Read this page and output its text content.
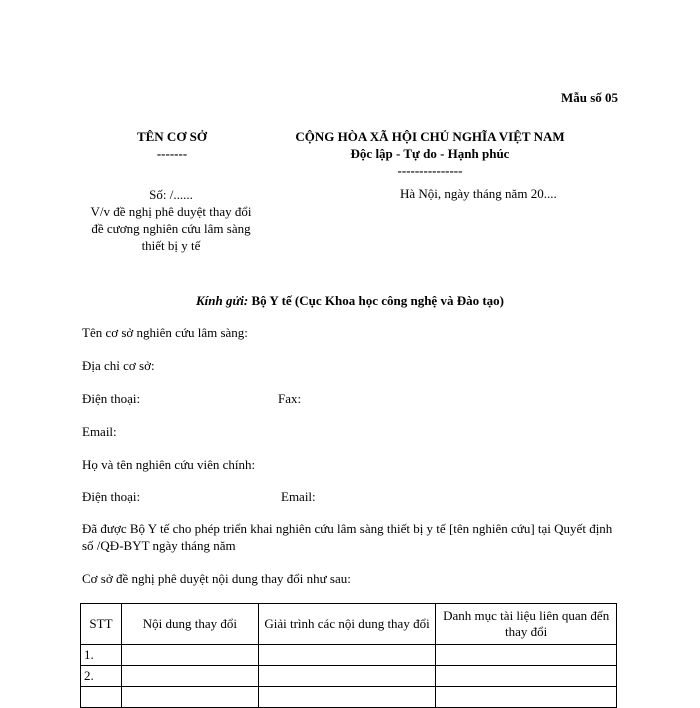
Mẫu số 05
TÊN CƠ SỞ
-------
CỘNG HÒA XÃ HỘI CHỦ NGHĨA VIỆT NAM
Độc lập - Tự do - Hạnh phúc
---------------
Số: /......
V/v đề nghị phê duyệt thay đổi
đề cương nghiên cứu lâm sàng
thiết bị y tế
Hà Nội, ngày tháng năm 20....
Kính gửi: Bộ Y tế (Cục Khoa học công nghệ và Đào tạo)
Tên cơ sở nghiên cứu lâm sàng:
Địa chỉ cơ sở:
Điện thoại:	Fax:
Email:
Họ và tên nghiên cứu viên chính:
Điện thoại:	Email:
Đã được Bộ Y tế cho phép triển khai nghiên cứu lâm sàng thiết bị y tế [tên nghiên cứu] tại Quyết định số /QĐ-BYT ngày tháng năm
Cơ sở đề nghị phê duyệt nội dung thay đổi như sau:
STT	Nội dung thay đổi	Giải trình các nội dung thay đổi	Danh mục tài liệu liên quan đến thay đổi
1.			
2.			
